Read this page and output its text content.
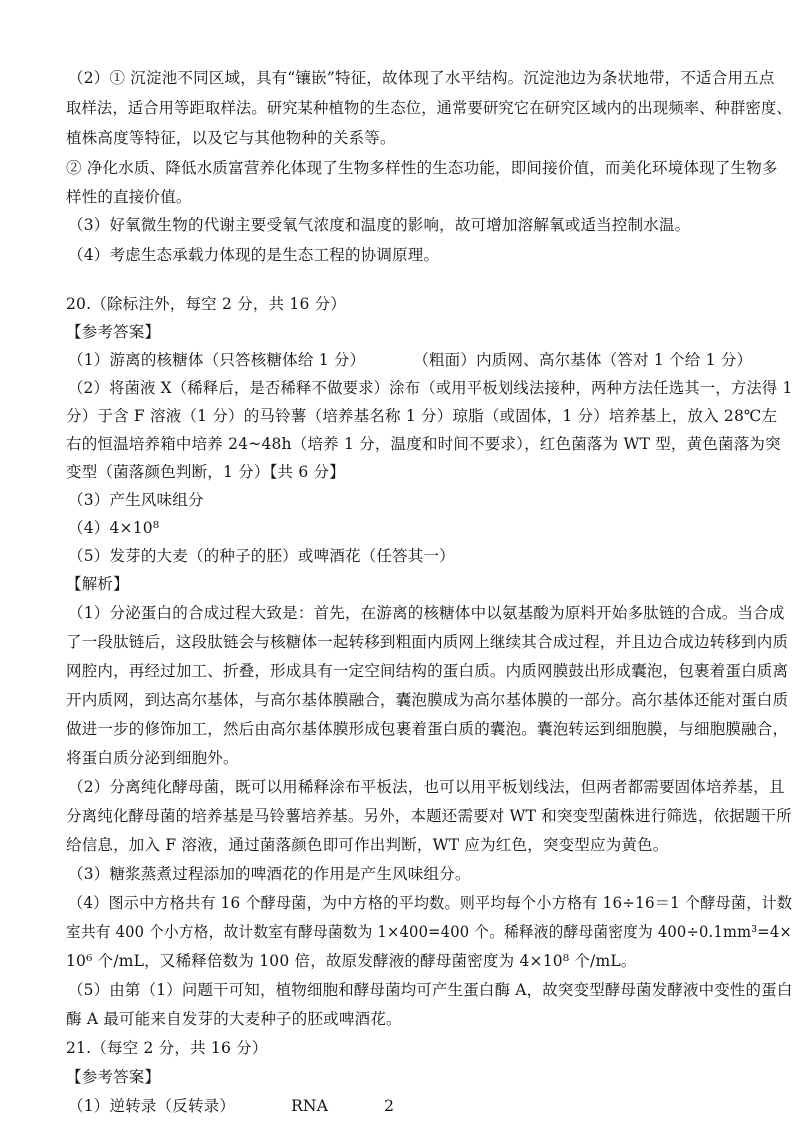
（2）① 沉淀池不同区域，具有“镶嵌”特征，故体现了水平结构。沉淀池边为条状地带，不适合用五点
取样法，适合用等距取样法。研究某种植物的生态位，通常要研究它在研究区域内的出现频率、种群密度、
植株高度等特征，以及它与其他物种的关系等。
② 净化水质、降低水质富营养化体现了生物多样性的生态功能，即间接价值，而美化环境体现了生物多
样性的直接价值。
（3）好氧微生物的代谢主要受氧气浓度和温度的影响，故可增加溶解氧或适当控制水温。
（4）考虑生态承载力体现的是生态工程的协调原理。
20.（除标注外，每空 2 分，共 16 分）
【参考答案】
（1）游离的核糖体（只答核糖体给 1 分）	（粗面）内质网、高尔基体（答对 1 个给 1 分）
（2）将菌液 X（稀释后，是否稀释不做要求）涂布（或用平板划线法接种，两种方法任选其一，方法得 1
分）于含 F 溶液（1 分）的马铃薯（培养基名称 1 分）琼脂（或固体，1 分）培养基上，放入 28℃左
右的恒温培养箱中培养 24~48h（培养 1 分，温度和时间不要求），红色菌落为 WT 型，黄色菌落为突
变型（菌落颜色判断，1 分）【共 6 分】
（3）产生风味组分
（4）4×10⁸
（5）发芽的大麦（的种子的胚）或啤酒花（任答其一）
【解析】
（1）分泌蛋白的合成过程大致是：首先，在游离的核糖体中以氨基酸为原料开始多肽链的合成。当合成
了一段肽链后，这段肽链会与核糖体一起转移到粗面内质网上继续其合成过程，并且边合成边转移到内质
网腔内，再经过加工、折叠，形成具有一定空间结构的蛋白质。内质网膜鼓出形成囊泡，包裹着蛋白质离
开内质网，到达高尔基体，与高尔基体膜融合，囊泡膜成为高尔基体膜的一部分。高尔基体还能对蛋白质
做进一步的修饰加工，然后由高尔基体膜形成包裹着蛋白质的囊泡。囊泡转运到细胞膜，与细胞膜融合，
将蛋白质分泌到细胞外。
（2）分离纯化酵母菌，既可以用稀释涂布平板法，也可以用平板划线法，但两者都需要固体培养基，且
分离纯化酵母菌的培养基是马铃薯培养基。另外，本题还需要对 WT 和突变型菌株进行筛选，依据题干所
给信息，加入 F 溶液，通过菌落颜色即可作出判断，WT 应为红色，突变型应为黄色。
（3）糖浆蒸煮过程添加的啤酒花的作用是产生风味组分。
（4）图示中方格共有 16 个酵母菌，为中方格的平均数。则平均每个小方格有 16÷16＝1 个酵母菌，计数
室共有 400 个小方格，故计数室有酵母菌数为 1×400=400 个。稀释液的酵母菌密度为 400÷0.1mm³=4×
10⁶ 个/mL，又稀释倍数为 100 倍，故原发酵液的酵母菌密度为 4×10⁸ 个/mL。
（5）由第（1）问题干可知，植物细胞和酵母菌均可产生蛋白酶 A，故突变型酵母菌发酵液中变性的蛋白
酶 A 最可能来自发芽的大麦种子的胚或啤酒花。
21.（每空 2 分，共 16 分）
【参考答案】
（1）逆转录（反转录）	RNA	2
